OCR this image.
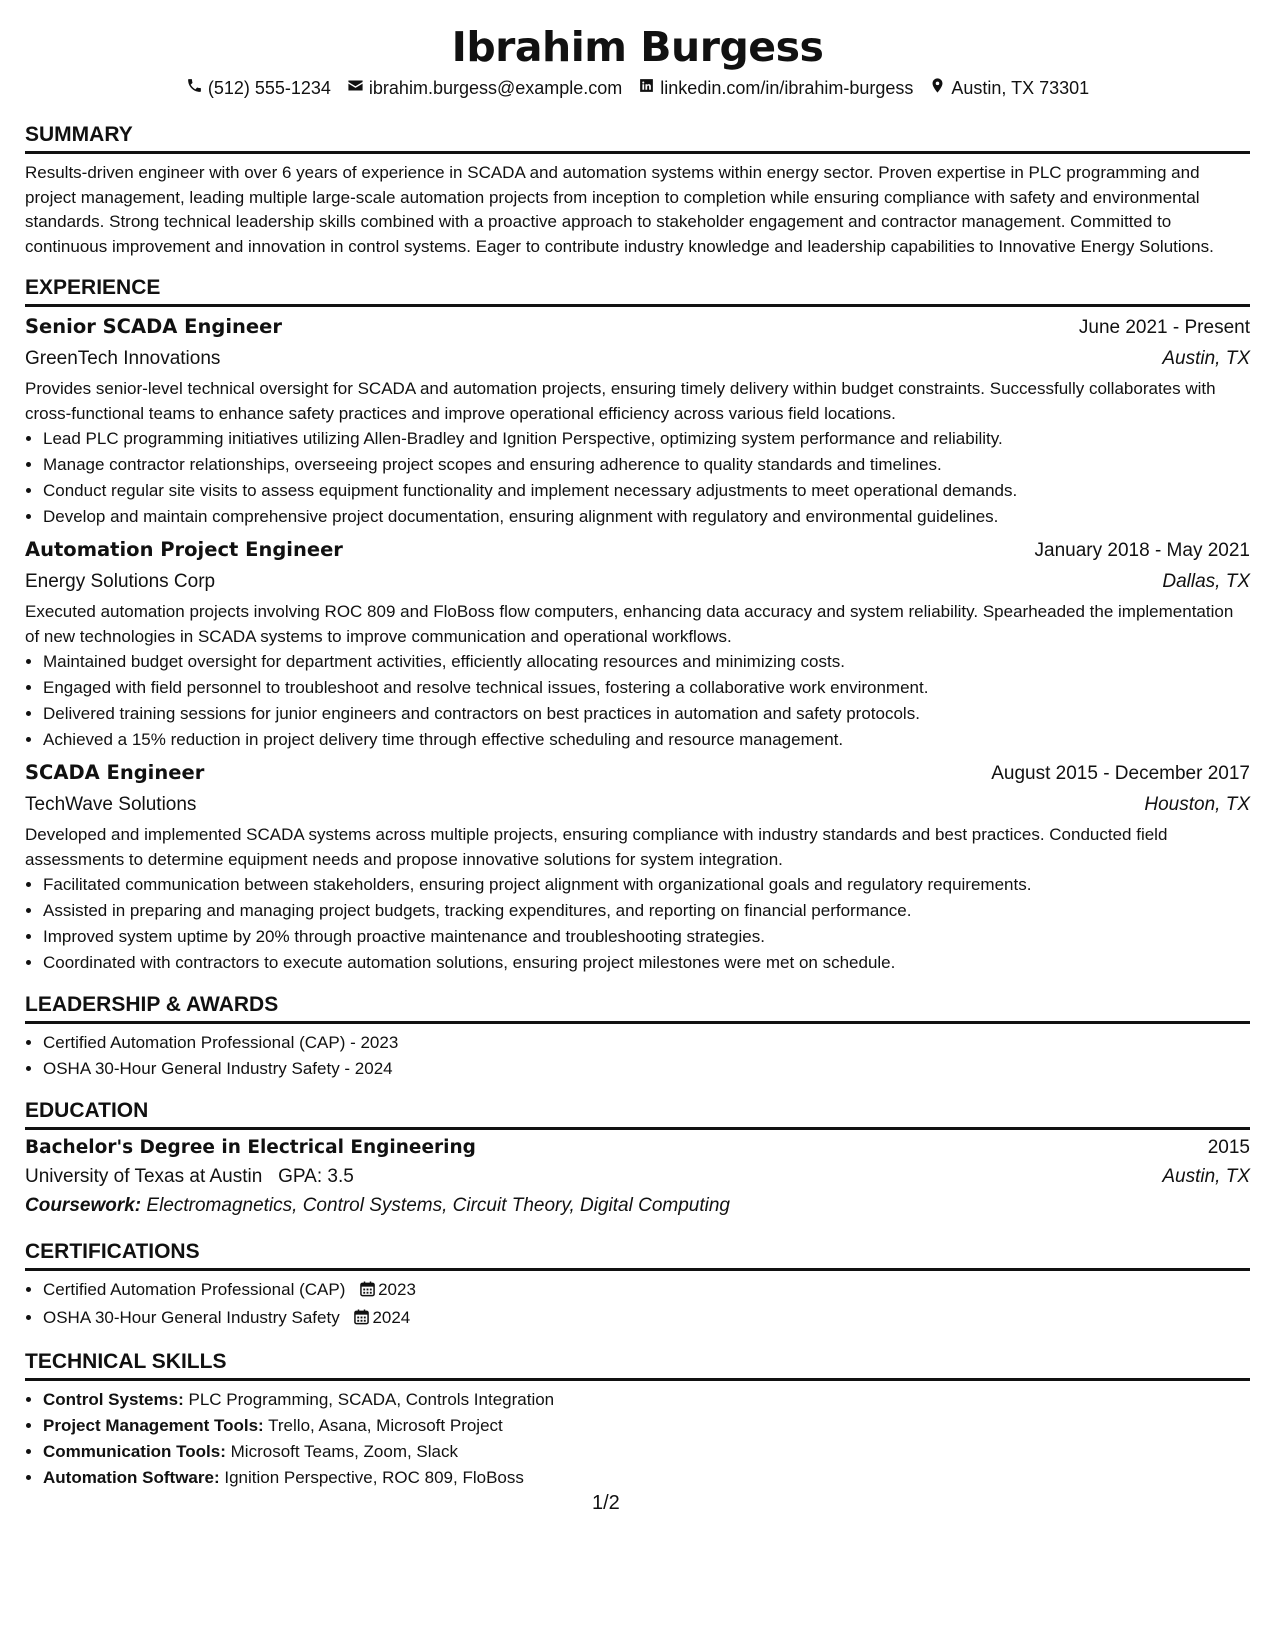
Ibrahim Burgess
(512) 555-1234 ibrahim.burgess@example.com linkedin.com/in/ibrahim-burgess Austin, TX 73301
SUMMARY
Results-driven engineer with over 6 years of experience in SCADA and automation systems within energy sector. Proven expertise in PLC programming and project management, leading multiple large-scale automation projects from inception to completion while ensuring compliance with safety and environmental standards. Strong technical leadership skills combined with a proactive approach to stakeholder engagement and contractor management. Committed to continuous improvement and innovation in control systems. Eager to contribute industry knowledge and leadership capabilities to Innovative Energy Solutions.
EXPERIENCE
Senior SCADA Engineer	June 2021 - Present
GreenTech Innovations	Austin, TX
Provides senior-level technical oversight for SCADA and automation projects, ensuring timely delivery within budget constraints. Successfully collaborates with cross-functional teams to enhance safety practices and improve operational efficiency across various field locations.
• Lead PLC programming initiatives utilizing Allen-Bradley and Ignition Perspective, optimizing system performance and reliability.
• Manage contractor relationships, overseeing project scopes and ensuring adherence to quality standards and timelines.
• Conduct regular site visits to assess equipment functionality and implement necessary adjustments to meet operational demands.
• Develop and maintain comprehensive project documentation, ensuring alignment with regulatory and environmental guidelines.
Automation Project Engineer	January 2018 - May 2021
Energy Solutions Corp	Dallas, TX
Executed automation projects involving ROC 809 and FloBoss flow computers, enhancing data accuracy and system reliability. Spearheaded the implementation of new technologies in SCADA systems to improve communication and operational workflows.
• Maintained budget oversight for department activities, efficiently allocating resources and minimizing costs.
• Engaged with field personnel to troubleshoot and resolve technical issues, fostering a collaborative work environment.
• Delivered training sessions for junior engineers and contractors on best practices in automation and safety protocols.
• Achieved a 15% reduction in project delivery time through effective scheduling and resource management.
SCADA Engineer	August 2015 - December 2017
TechWave Solutions	Houston, TX
Developed and implemented SCADA systems across multiple projects, ensuring compliance with industry standards and best practices. Conducted field assessments to determine equipment needs and propose innovative solutions for system integration.
• Facilitated communication between stakeholders, ensuring project alignment with organizational goals and regulatory requirements.
• Assisted in preparing and managing project budgets, tracking expenditures, and reporting on financial performance.
• Improved system uptime by 20% through proactive maintenance and troubleshooting strategies.
• Coordinated with contractors to execute automation solutions, ensuring project milestones were met on schedule.
LEADERSHIP & AWARDS
• Certified Automation Professional (CAP) - 2023
• OSHA 30-Hour General Industry Safety - 2024
EDUCATION
Bachelor's Degree in Electrical Engineering	2015
University of Texas at Austin GPA: 3.5	Austin, TX
Coursework: Electromagnetics, Control Systems, Circuit Theory, Digital Computing
CERTIFICATIONS
• Certified Automation Professional (CAP) 2023
• OSHA 30-Hour General Industry Safety 2024
TECHNICAL SKILLS
• Control Systems: PLC Programming, SCADA, Controls Integration
• Project Management Tools: Trello, Asana, Microsoft Project
• Communication Tools: Microsoft Teams, Zoom, Slack
• Automation Software: Ignition Perspective, ROC 809, FloBoss
1/2
